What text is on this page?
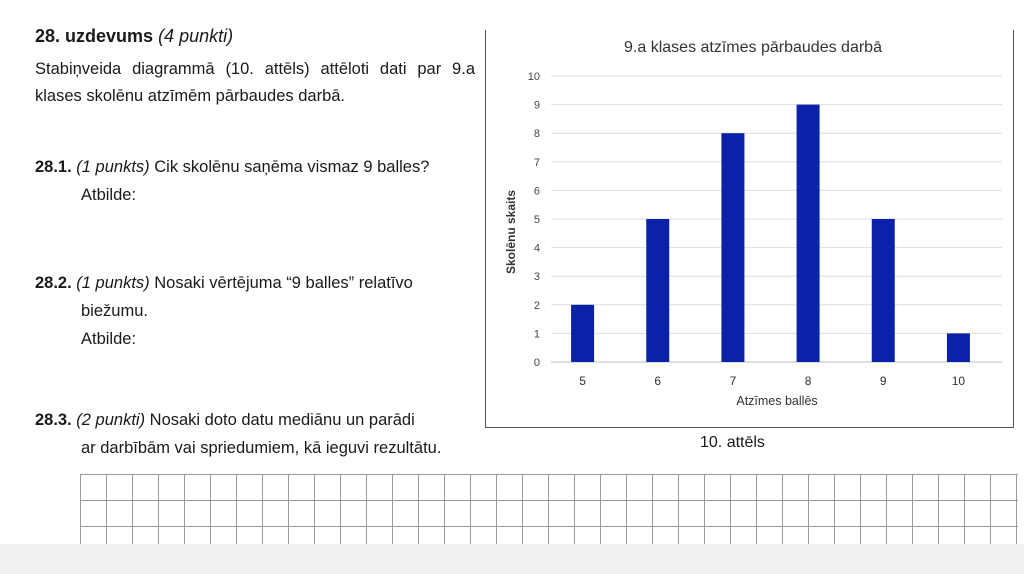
28. uzdevums (4 punkti)

Stabiņveida diagrammā (10. attēls) attēloti dati par 9.a klases skolēnu atzīmēm pārbaudes darbā.

28.1. (1 punkts) Cik skolēnu saņēma vismaz 9 balles?
Atbilde:
28.2. (1 punkts) Nosaki vērtējuma “9 balles” relatīvo
biežumu.
Atbilde:
28.3. (2 punkti) Nosaki doto datu mediānu un parādi
ar darbībām vai spriedumiem, kā ieguvi rezultātu.
9.a klases atzīmes pārbaudes darbā
0
1
2
3
4
5
6
7
8
9
10
5	6	7	8	9	10
Atzīmes ballēs
Skolēnu skaits
10. attēls
